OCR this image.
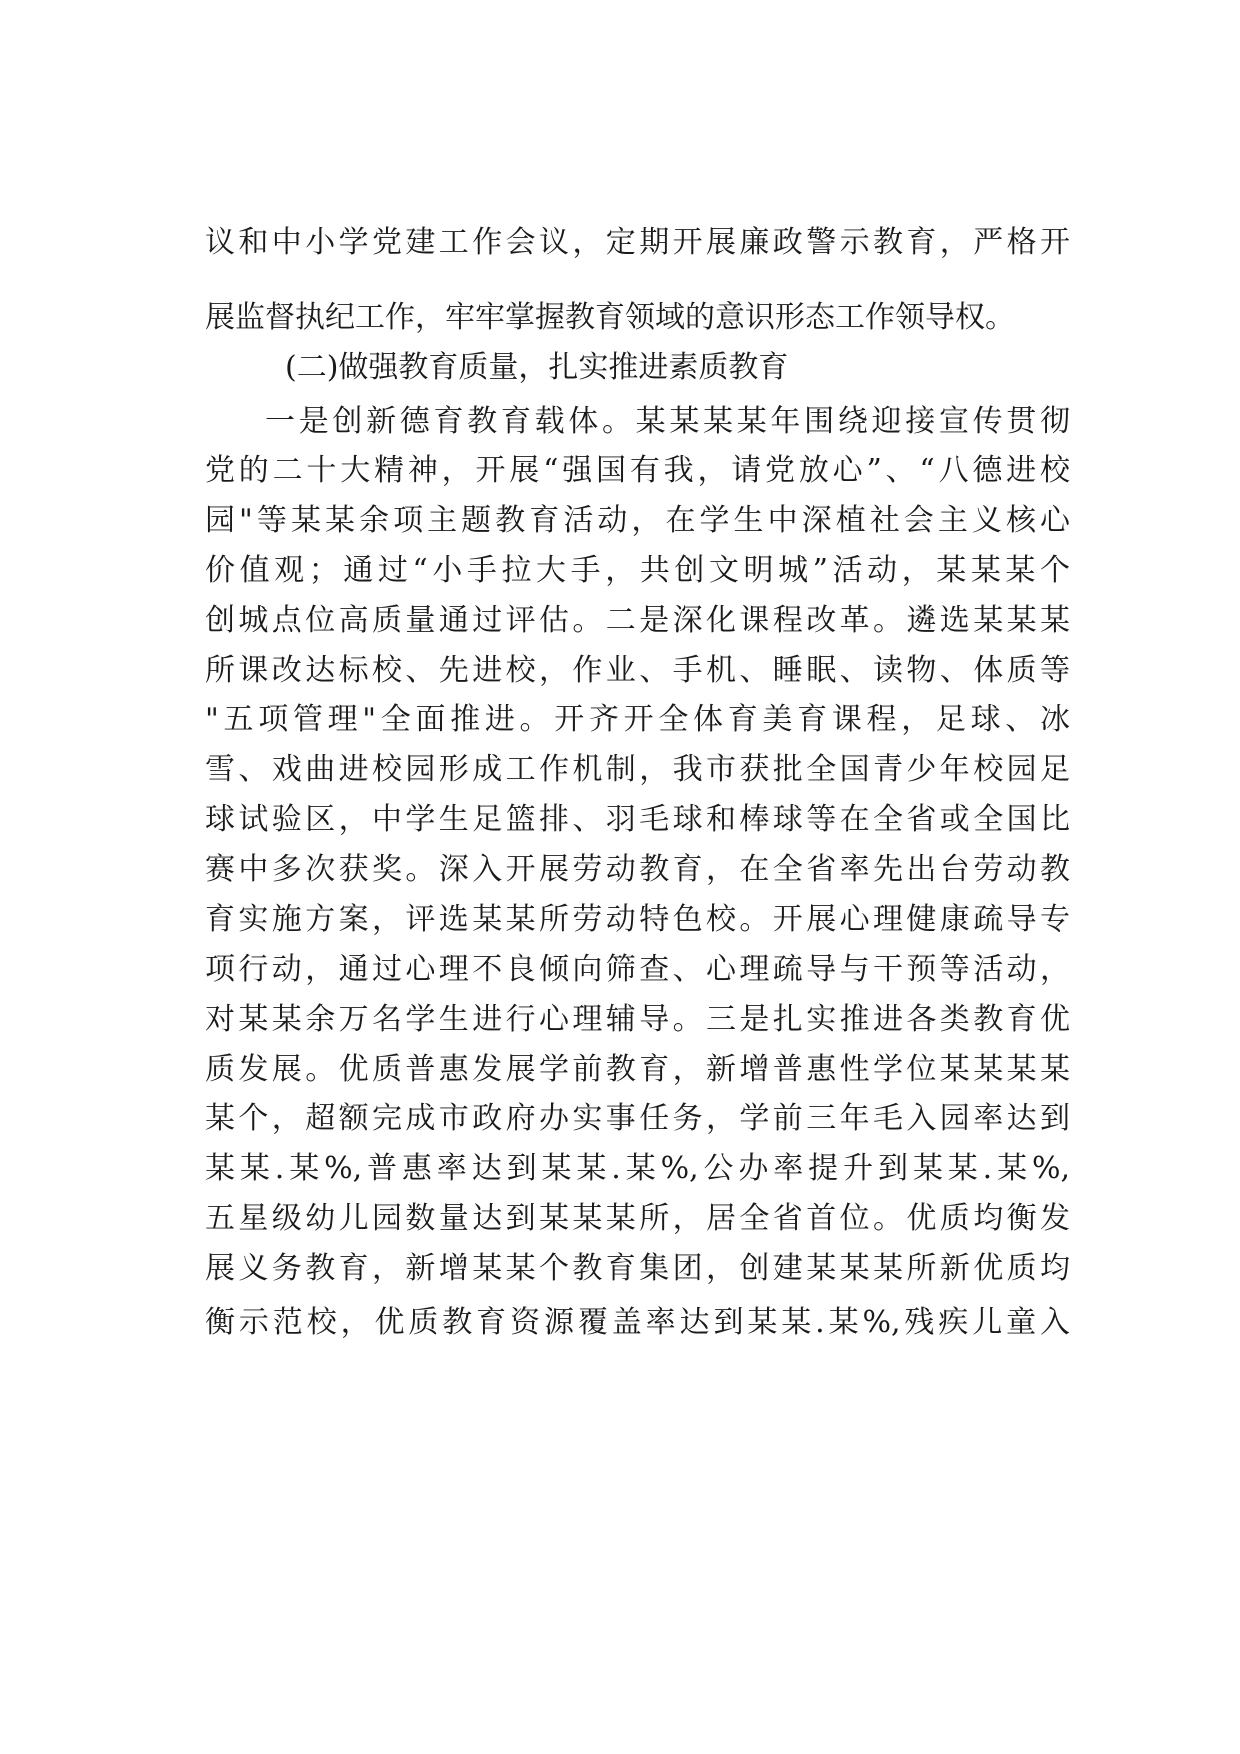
议和中小学党建工作会议，定期开展廉政警示教育，严格开
展监督执纪工作，牢牢掌握教育领域的意识形态工作领导权。
(二)做强教育质量，扎实推进素质教育
一是创新德育教育载体。某某某某年围绕迎接宣传贯彻
党的二十大精神，开展“强国有我，请党放心”、“八德进校
园"等某某余项主题教育活动，在学生中深植社会主义核心
价值观；通过“小手拉大手，共创文明城”活动，某某某个
创城点位高质量通过评估。二是深化课程改革。遴选某某某
所课改达标校、先进校，作业、手机、睡眠、读物、体质等
"五项管理"全面推进。开齐开全体育美育课程，足球、冰
雪、戏曲进校园形成工作机制，我市获批全国青少年校园足
球试验区，中学生足篮排、羽毛球和棒球等在全省或全国比
赛中多次获奖。深入开展劳动教育，在全省率先出台劳动教
育实施方案，评选某某所劳动特色校。开展心理健康疏导专
项行动，通过心理不良倾向筛查、心理疏导与干预等活动，
对某某余万名学生进行心理辅导。三是扎实推进各类教育优
质发展。优质普惠发展学前教育，新增普惠性学位某某某某
某个，超额完成市政府办实事任务，学前三年毛入园率达到
某某.某%,普惠率达到某某.某%,公办率提升到某某.某%,
五星级幼儿园数量达到某某某所，居全省首位。优质均衡发
展义务教育，新增某某个教育集团，创建某某某所新优质均
衡示范校，优质教育资源覆盖率达到某某.某%,残疾儿童入
